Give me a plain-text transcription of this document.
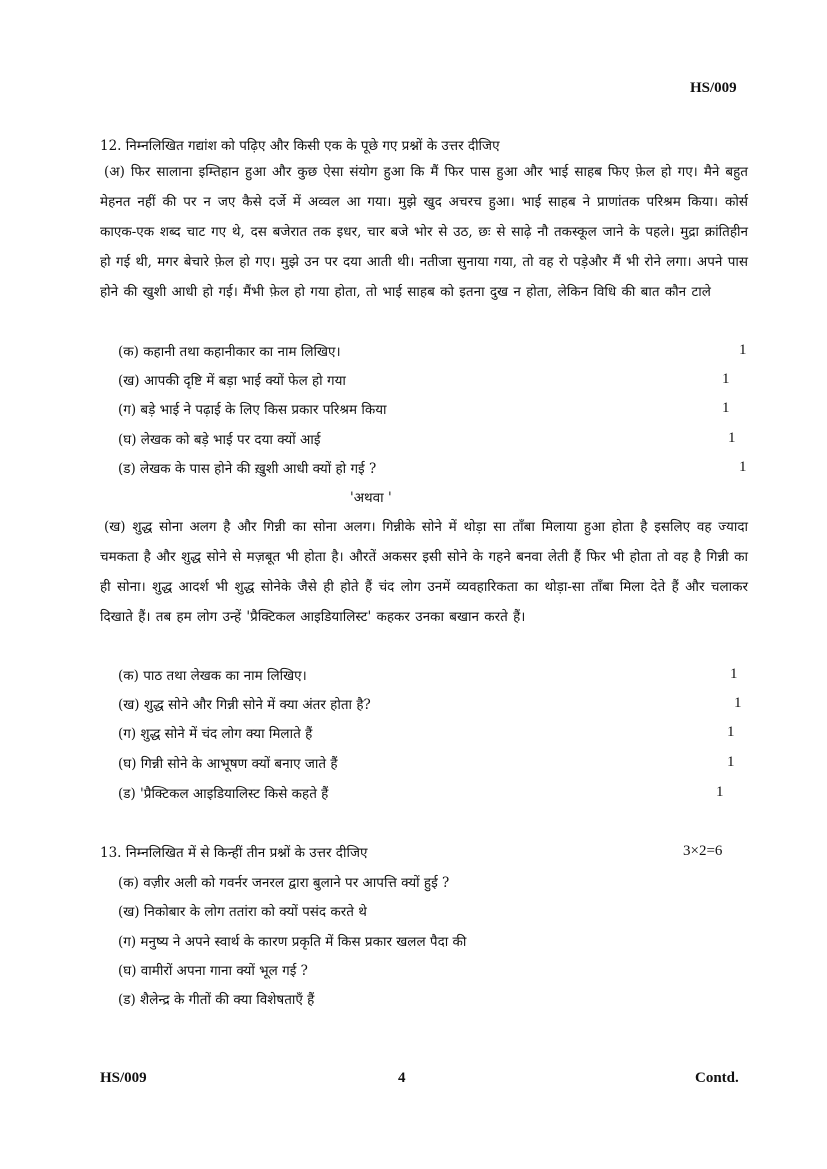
HS/009
12. निम्नलिखित गद्यांश को पढ़िए और किसी एक के पूछे गए प्रश्नों के उत्तर दीजिए

(अ) फिर सालाना इम्तिहान हुआ और कुछ ऐसा संयोग हुआ कि मैं फिर पास हुआ और भाई साहब फिए फ़ेल हो गए। मैने बहुत मेहनत नहीं की पर न जए कैसे दर्जे में अव्वल आ गया। मुझे खुद अचरच हुआ। भाई साहब ने प्राणांतक परिश्रम किया। कोर्स काएक-एक शब्द चाट गए थे, दस बजेरात तक इधर, चार बजे भोर से उठ, छः से साढ़े नौ तकस्कूल जाने के पहले। मुद्रा क्रांतिहीन हो गई थी, मगर बेचारे फ़ेल हो गए। मुझे उन पर दया आती थी। नतीजा सुनाया गया, तो वह रो पड़ेऔर मैं भी रोने लगा। अपने पास होने की खुशी आधी हो गई। मैंभी फ़ेल हो गया होता, तो भाई साहब को इतना दुख न होता, लेकिन विधि की बात कौन टाले

(क) कहानी तथा कहानीकार का नाम लिखिए।	1
(ख) आपकी दृष्टि में बड़ा भाई क्यों फेल हो गया	1
(ग) बड़े भाई ने पढ़ाई के लिए किस प्रकार परिश्रम किया	1
(घ) लेखक को बड़े भाई पर दया क्यों आई	1
(ड) लेखक के पास होने की ख़ुशी आधी क्यों हो गई ?	1
'अथवा '

(ख) शुद्ध सोना अलग है और गिन्नी का सोना अलग। गिन्नीके सोने में थोड़ा सा ताँबा मिलाया हुआ होता है इसलिए वह ज्यादा चमकता है और शुद्ध सोने से मज़बूत भी होता है। औरतें अकसर इसी सोने के गहने बनवा लेती हैं फिर भी होता तो वह है गिन्नी का ही सोना। शुद्ध आदर्श भी शुद्ध सोनेके जैसे ही होते हैं चंद लोग उनमें व्यवहारिकता का थोड़ा-सा ताँबा मिला देते हैं और चलाकर दिखाते हैं। तब हम लोग उन्हें 'प्रैक्टिकल आइडियालिस्ट' कहकर उनका बखान करते हैं।

(क) पाठ तथा लेखक का नाम लिखिए।	1
(ख) शुद्ध सोने और गिन्नी सोने में क्या अंतर होता है?	1
(ग) शुद्ध सोने में चंद लोग क्या मिलाते हैं	1
(घ) गिन्नी सोने के आभूषण क्यों बनाए जाते हैं	1
(ड) 'प्रैक्टिकल आइडियालिस्ट किसे कहते हैं	1
13. निम्नलिखित में से किन्हीं तीन प्रश्नों के उत्तर दीजिए	3×2=6
(क) वज़ीर अली को गवर्नर जनरल द्वारा बुलाने पर आपत्ति क्यों हुई ?
(ख) निकोबार के लोग ततांरा को क्यों पसंद करते थे
(ग) मनुष्य ने अपने स्वार्थ के कारण प्रकृति में किस प्रकार खलल पैदा की
(घ) वामीरों अपना गाना क्यों भूल गई ?
(ड) शैलेन्द्र के गीतों की क्या विशेषताएँ हैं
HS/009	4	Contd.
